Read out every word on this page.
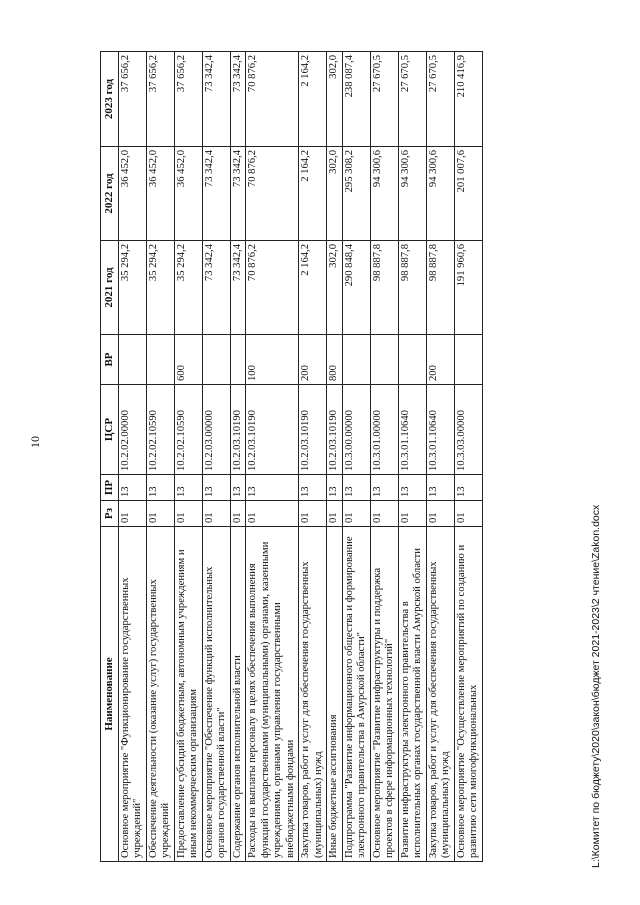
10
Наименование	Рз	ПР	ЦСР	ВР	2021 год	2022 год	2023 год
Основное мероприятие "Функционирование государственных учреждений"	01	13	10.2.02.00000		35 294,2	36 452,0	37 656,2
Обеспечение деятельности (оказание услуг) государственных учреждений	01	13	10.2.02.10590		35 294,2	36 452,0	37 656,2
Предоставление субсидий бюджетным, автономным учреждениям и иным некоммерческим организациям	01	13	10.2.02.10590	600	35 294,2	36 452,0	37 656,2
Основное мероприятие "Обеспечение функций исполнительных органов государственной власти"	01	13	10.2.03.00000		73 342,4	73 342,4	73 342,4
Содержание органов исполнительной власти	01	13	10.2.03.10190		73 342,4	73 342,4	73 342,4
Расходы на выплаты персоналу в целях обеспечения выполнения функций государственными (муниципальными) органами, казенными учреждениями, органами управления государственными внебюджетными фондами	01	13	10.2.03.10190	100	70 876,2	70 876,2	70 876,2
Закупка товаров, работ и услуг для обеспечения государственных (муниципальных) нужд	01	13	10.2.03.10190	200	2 164,2	2 164,2	2 164,2
Иные бюджетные ассигнования	01	13	10.2.03.10190	800	302,0	302,0	302,0
Подпрограмма "Развитие информационного общества и формирование электронного правительства в Амурской области"	01	13	10.3.00.00000		290 848,4	295 308,2	238 087,4
Основное мероприятие "Развитие инфраструктуры и поддержка проектов в сфере информационных технологий"	01	13	10.3.01.00000		98 887,8	94 300,6	27 670,5
Развитие инфраструктуры электронного правительства в исполнительных органах государственной власти Амурской области	01	13	10.3.01.10640		98 887,8	94 300,6	27 670,5
Закупка товаров, работ и услуг для обеспечения государственных (муниципальных) нужд	01	13	10.3.01.10640	200	98 887,8	94 300,6	27 670,5
Основное мероприятие "Осуществление мероприятий по созданию и развитию сети многофункциональных	01	13	10.3.03.00000		191 960,6	201 007,6	210 416,9
L:\Комитет по бюджету\2020\закон\бюджет 2021-2023\2 чтение\Zakon.docx
